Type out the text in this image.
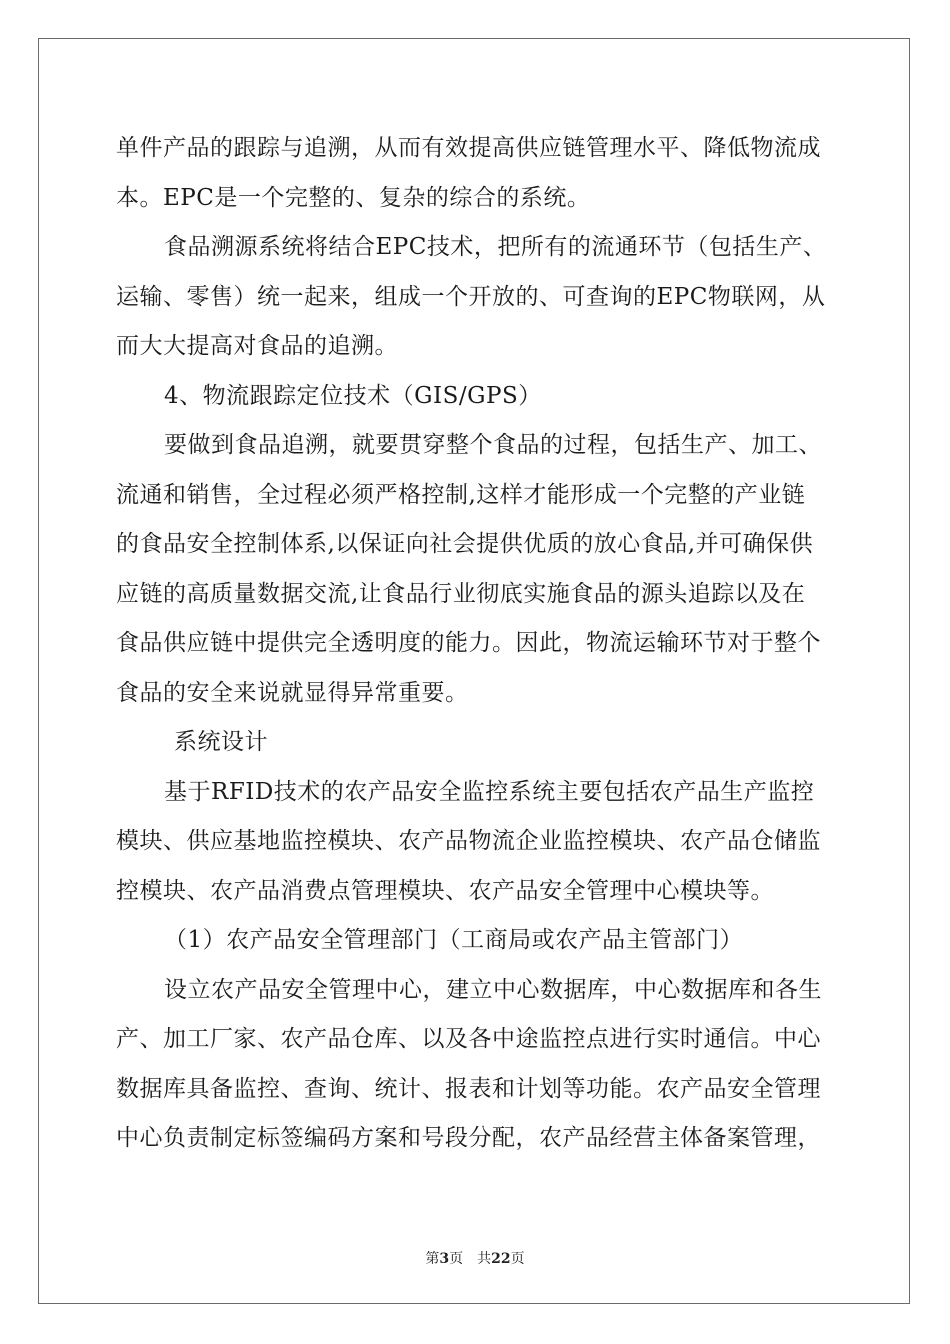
单件产品的跟踪与追溯，从而有效提高供应链管理水平、降低物流成
本。EPC是一个完整的、复杂的综合的系统。
食品溯源系统将结合EPC技术，把所有的流通环节（包括生产、
运输、零售）统一起来，组成一个开放的、可查询的EPC物联网，从
而大大提高对食品的追溯。
4、物流跟踪定位技术（GIS/GPS）
要做到食品追溯，就要贯穿整个食品的过程，包括生产、加工、
流通和销售，全过程必须严格控制,这样才能形成一个完整的产业链
的食品安全控制体系,以保证向社会提供优质的放心食品,并可确保供
应链的高质量数据交流,让食品行业彻底实施食品的源头追踪以及在
食品供应链中提供完全透明度的能力。因此，物流运输环节对于整个
食品的安全来说就显得异常重要。
系统设计
基于RFID技术的农产品安全监控系统主要包括农产品生产监控
模块、供应基地监控模块、农产品物流企业监控模块、农产品仓储监
控模块、农产品消费点管理模块、农产品安全管理中心模块等。
（1）农产品安全管理部门（工商局或农产品主管部门）
设立农产品安全管理中心，建立中心数据库，中心数据库和各生
产、加工厂家、农产品仓库、以及各中途监控点进行实时通信。中心
数据库具备监控、查询、统计、报表和计划等功能。农产品安全管理
中心负责制定标签编码方案和号段分配，农产品经营主体备案管理，
第3页 共22页
